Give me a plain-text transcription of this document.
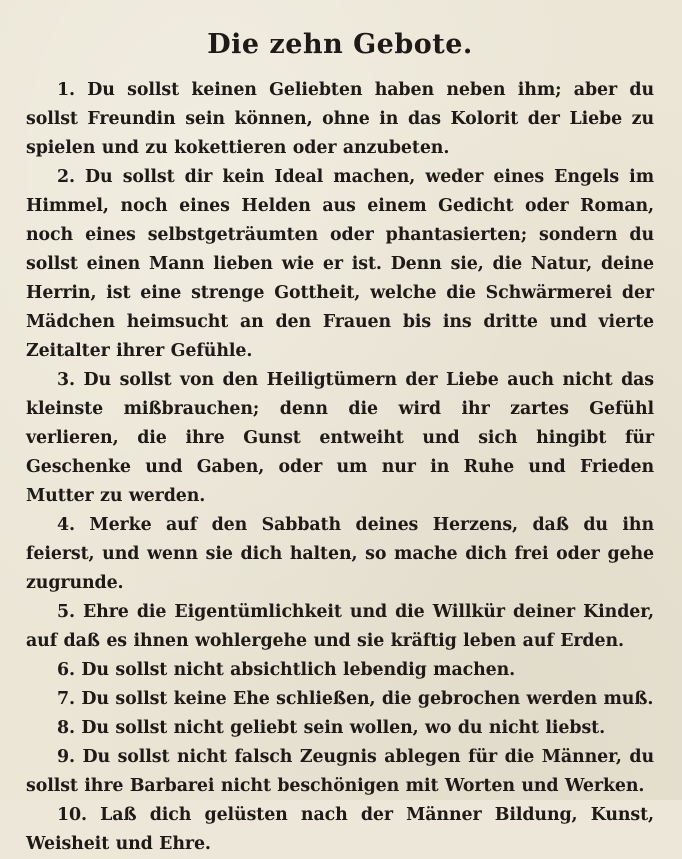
Die zehn Gebote.

1. Du sollst keinen Geliebten haben neben ihm; aber du sollst Freundin sein können, ohne in das Kolorit der Liebe zu spielen und zu kokettieren oder anzubeten.

2. Du sollst dir kein Ideal machen, weder eines Engels im Himmel, noch eines Helden aus einem Gedicht oder Roman, noch eines selbstgeträumten oder phantasierten; sondern du sollst einen Mann lieben wie er ist. Denn sie, die Natur, deine Herrin, ist eine strenge Gottheit, welche die Schwärmerei der Mädchen heimsucht an den Frauen bis ins dritte und vierte Zeitalter ihrer Gefühle.

3. Du sollst von den Heiligtümern der Liebe auch nicht das kleinste mißbrauchen; denn die wird ihr zartes Gefühl verlieren, die ihre Gunst entweiht und sich hingibt für Geschenke und Gaben, oder um nur in Ruhe und Frieden Mutter zu werden.

4. Merke auf den Sabbath deines Herzens, daß du ihn feierst, und wenn sie dich halten, so mache dich frei oder gehe zugrunde.

5. Ehre die Eigentümlichkeit und die Willkür deiner Kinder, auf daß es ihnen wohlergehe und sie kräftig leben auf Erden.

6. Du sollst nicht absichtlich lebendig machen.

7. Du sollst keine Ehe schließen, die gebrochen werden muß.

8. Du sollst nicht geliebt sein wollen, wo du nicht liebst.

9. Du sollst nicht falsch Zeugnis ablegen für die Männer, du sollst ihre Barbarei nicht beschönigen mit Worten und Werken.

10. Laß dich gelüsten nach der Männer Bildung, Kunst, Weisheit und Ehre.
